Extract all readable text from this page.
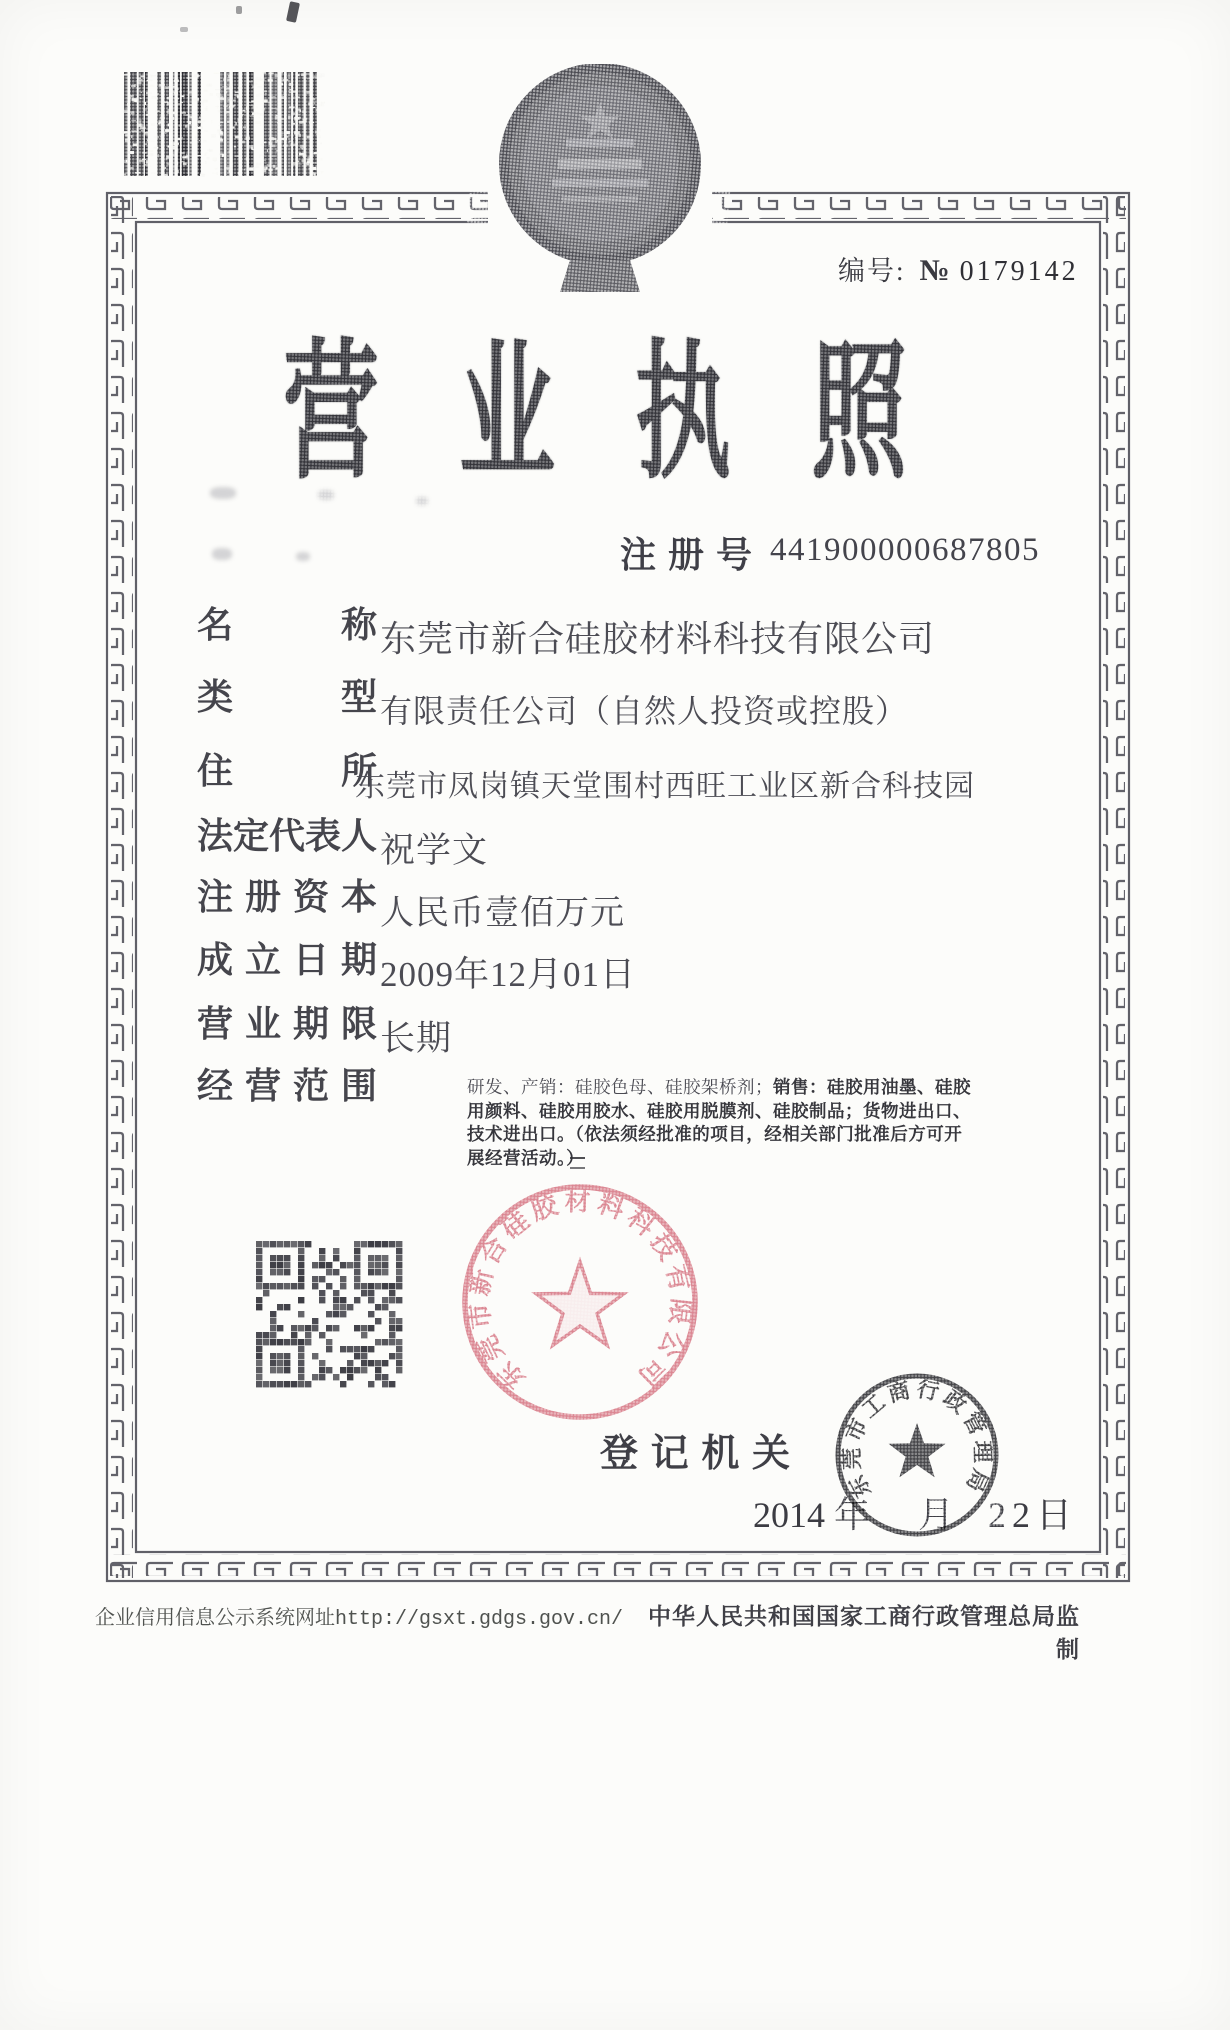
编号: № 0179142
营业执照
注册号 441900000687805
名称 东莞市新合硅胶材料科技有限公司
类型 有限责任公司（自然人投资或控股）
住所
东莞市凤岗镇天堂围村西旺工业区新合科技园
法定代表人 祝学文
注册资本 人民币壹佰万元
成立日期 2009年12月01日
营业期限 长期
经营范围	研发、产销：硅胶色母、硅胶架桥剂；销售：硅胶用油墨、硅胶用颜料、硅胶用胶水、硅胶用脱膜剂、硅胶制品；货物进出口、技术进出口。（依法须经批准的项目，经相关部门批准后方可开展经营活动。）
登记机关
2014 年 月 22日
东莞市新合硅胶材料科技有限公司
东莞市工商行政管理局
企业信用信息公示系统网址http://gsxt.gdgs.gov.cn/	中华人民共和国国家工商行政管理总局监制
